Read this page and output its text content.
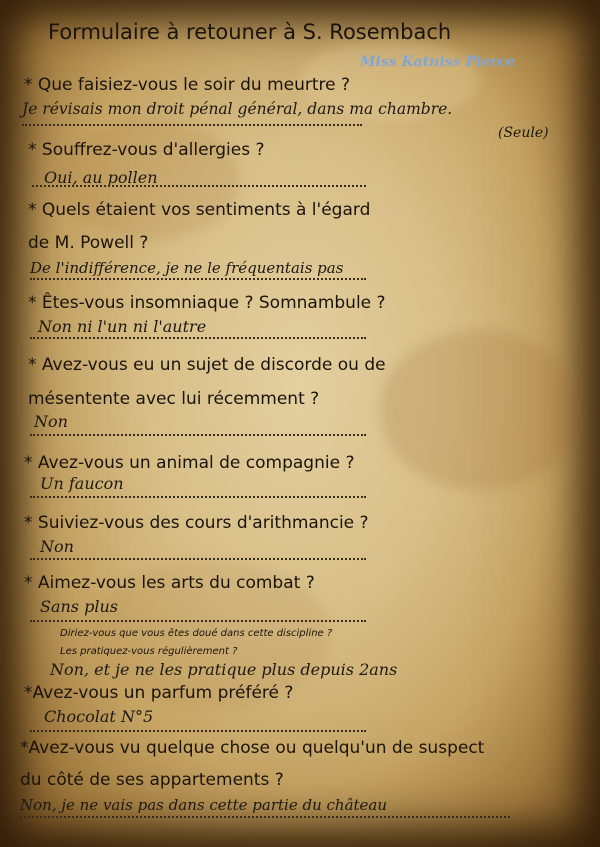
Formulaire à retouner à S. Rosembach
Miss Katniss Pierce
* Que faisiez-vous le soir du meurtre ?
Je révisais mon droit pénal général, dans ma chambre.
(Seule)
* Souffrez-vous d'allergies ?
Oui, au pollen
* Quels étaient vos sentiments à l'égard
de M. Powell ?
De l'indifférence, je ne le fréquentais pas
* Êtes-vous insomniaque ? Somnambule ?
Non ni l'un ni l'autre
* Avez-vous eu un sujet de discorde ou de
mésentente avec lui récemment ?
Non
* Avez-vous un animal de compagnie ?
Un faucon
* Suiviez-vous des cours d'arithmancie ?
Non
* Aimez-vous les arts du combat ?
Sans plus
Diriez-vous que vous êtes doué dans cette discipline ?
Les pratiquez-vous régulièrement ?
Non, et je ne les pratique plus depuis 2ans
*Avez-vous un parfum préféré ?
Chocolat N°5
*Avez-vous vu quelque chose ou quelqu'un de suspect
du côté de ses appartements ?
Non, je ne vais pas dans cette partie du château
